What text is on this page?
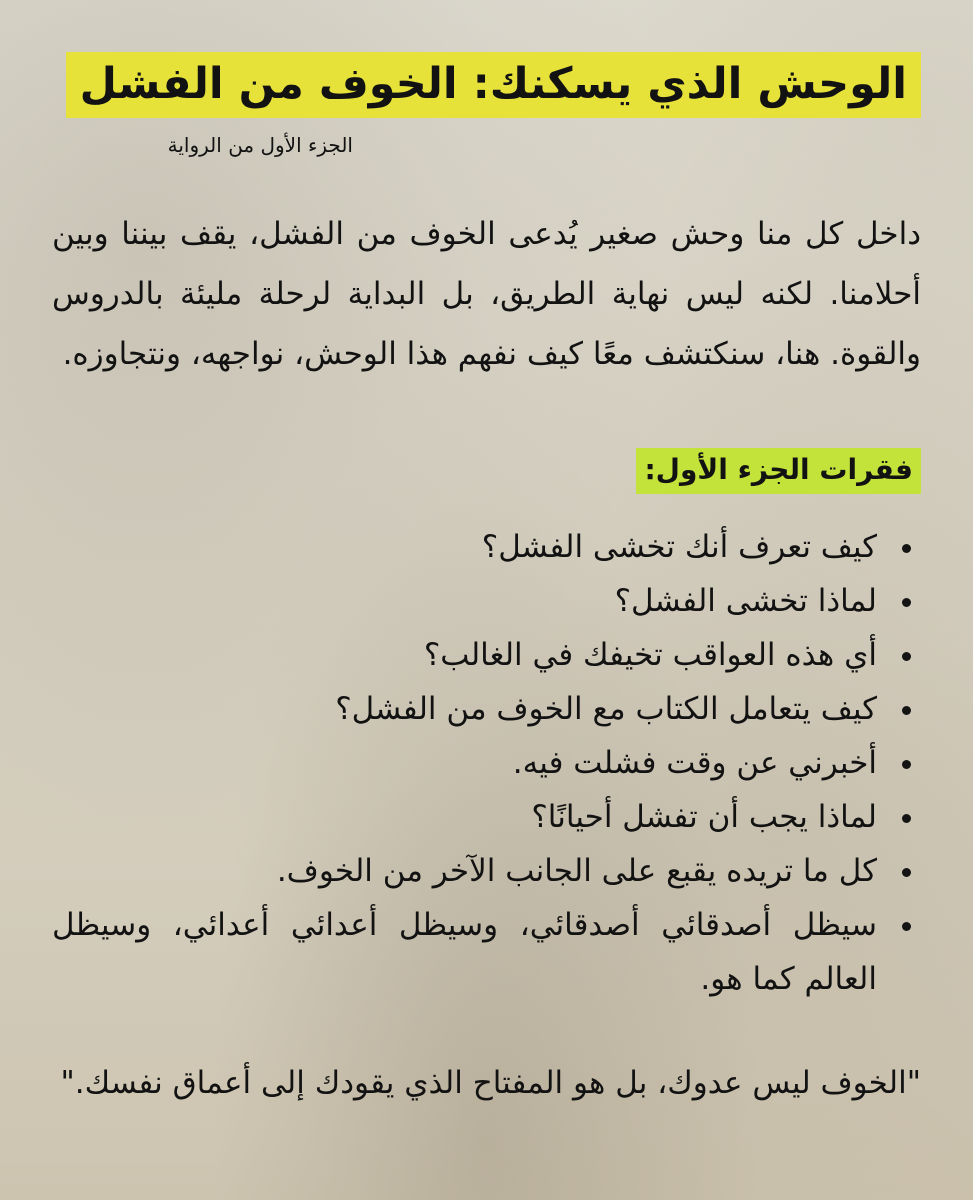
الوحش الذي يسكنك: الخوف من الفشل
الجزء الأول من الرواية

داخل كل منا وحش صغير يُدعى الخوف من الفشل، يقف بيننا وبين أحلامنا. لكنه ليس نهاية الطريق، بل البداية لرحلة مليئة بالدروس والقوة. هنا، سنكتشف معًا كيف نفهم هذا الوحش، نواجهه، ونتجاوزه.

فقرات الجزء الأول:
كيف تعرف أنك تخشى الفشل؟
لماذا تخشى الفشل؟
أي هذه العواقب تخيفك في الغالب؟
كيف يتعامل الكتاب مع الخوف من الفشل؟
أخبرني عن وقت فشلت فيه.
لماذا يجب أن تفشل أحيانًا؟
كل ما تريده يقبع على الجانب الآخر من الخوف.
سيظل أصدقائي أصدقائي، وسيظل أعدائي أعدائي، وسيظل العالم كما هو.

"الخوف ليس عدوك، بل هو المفتاح الذي يقودك إلى أعماق نفسك."
